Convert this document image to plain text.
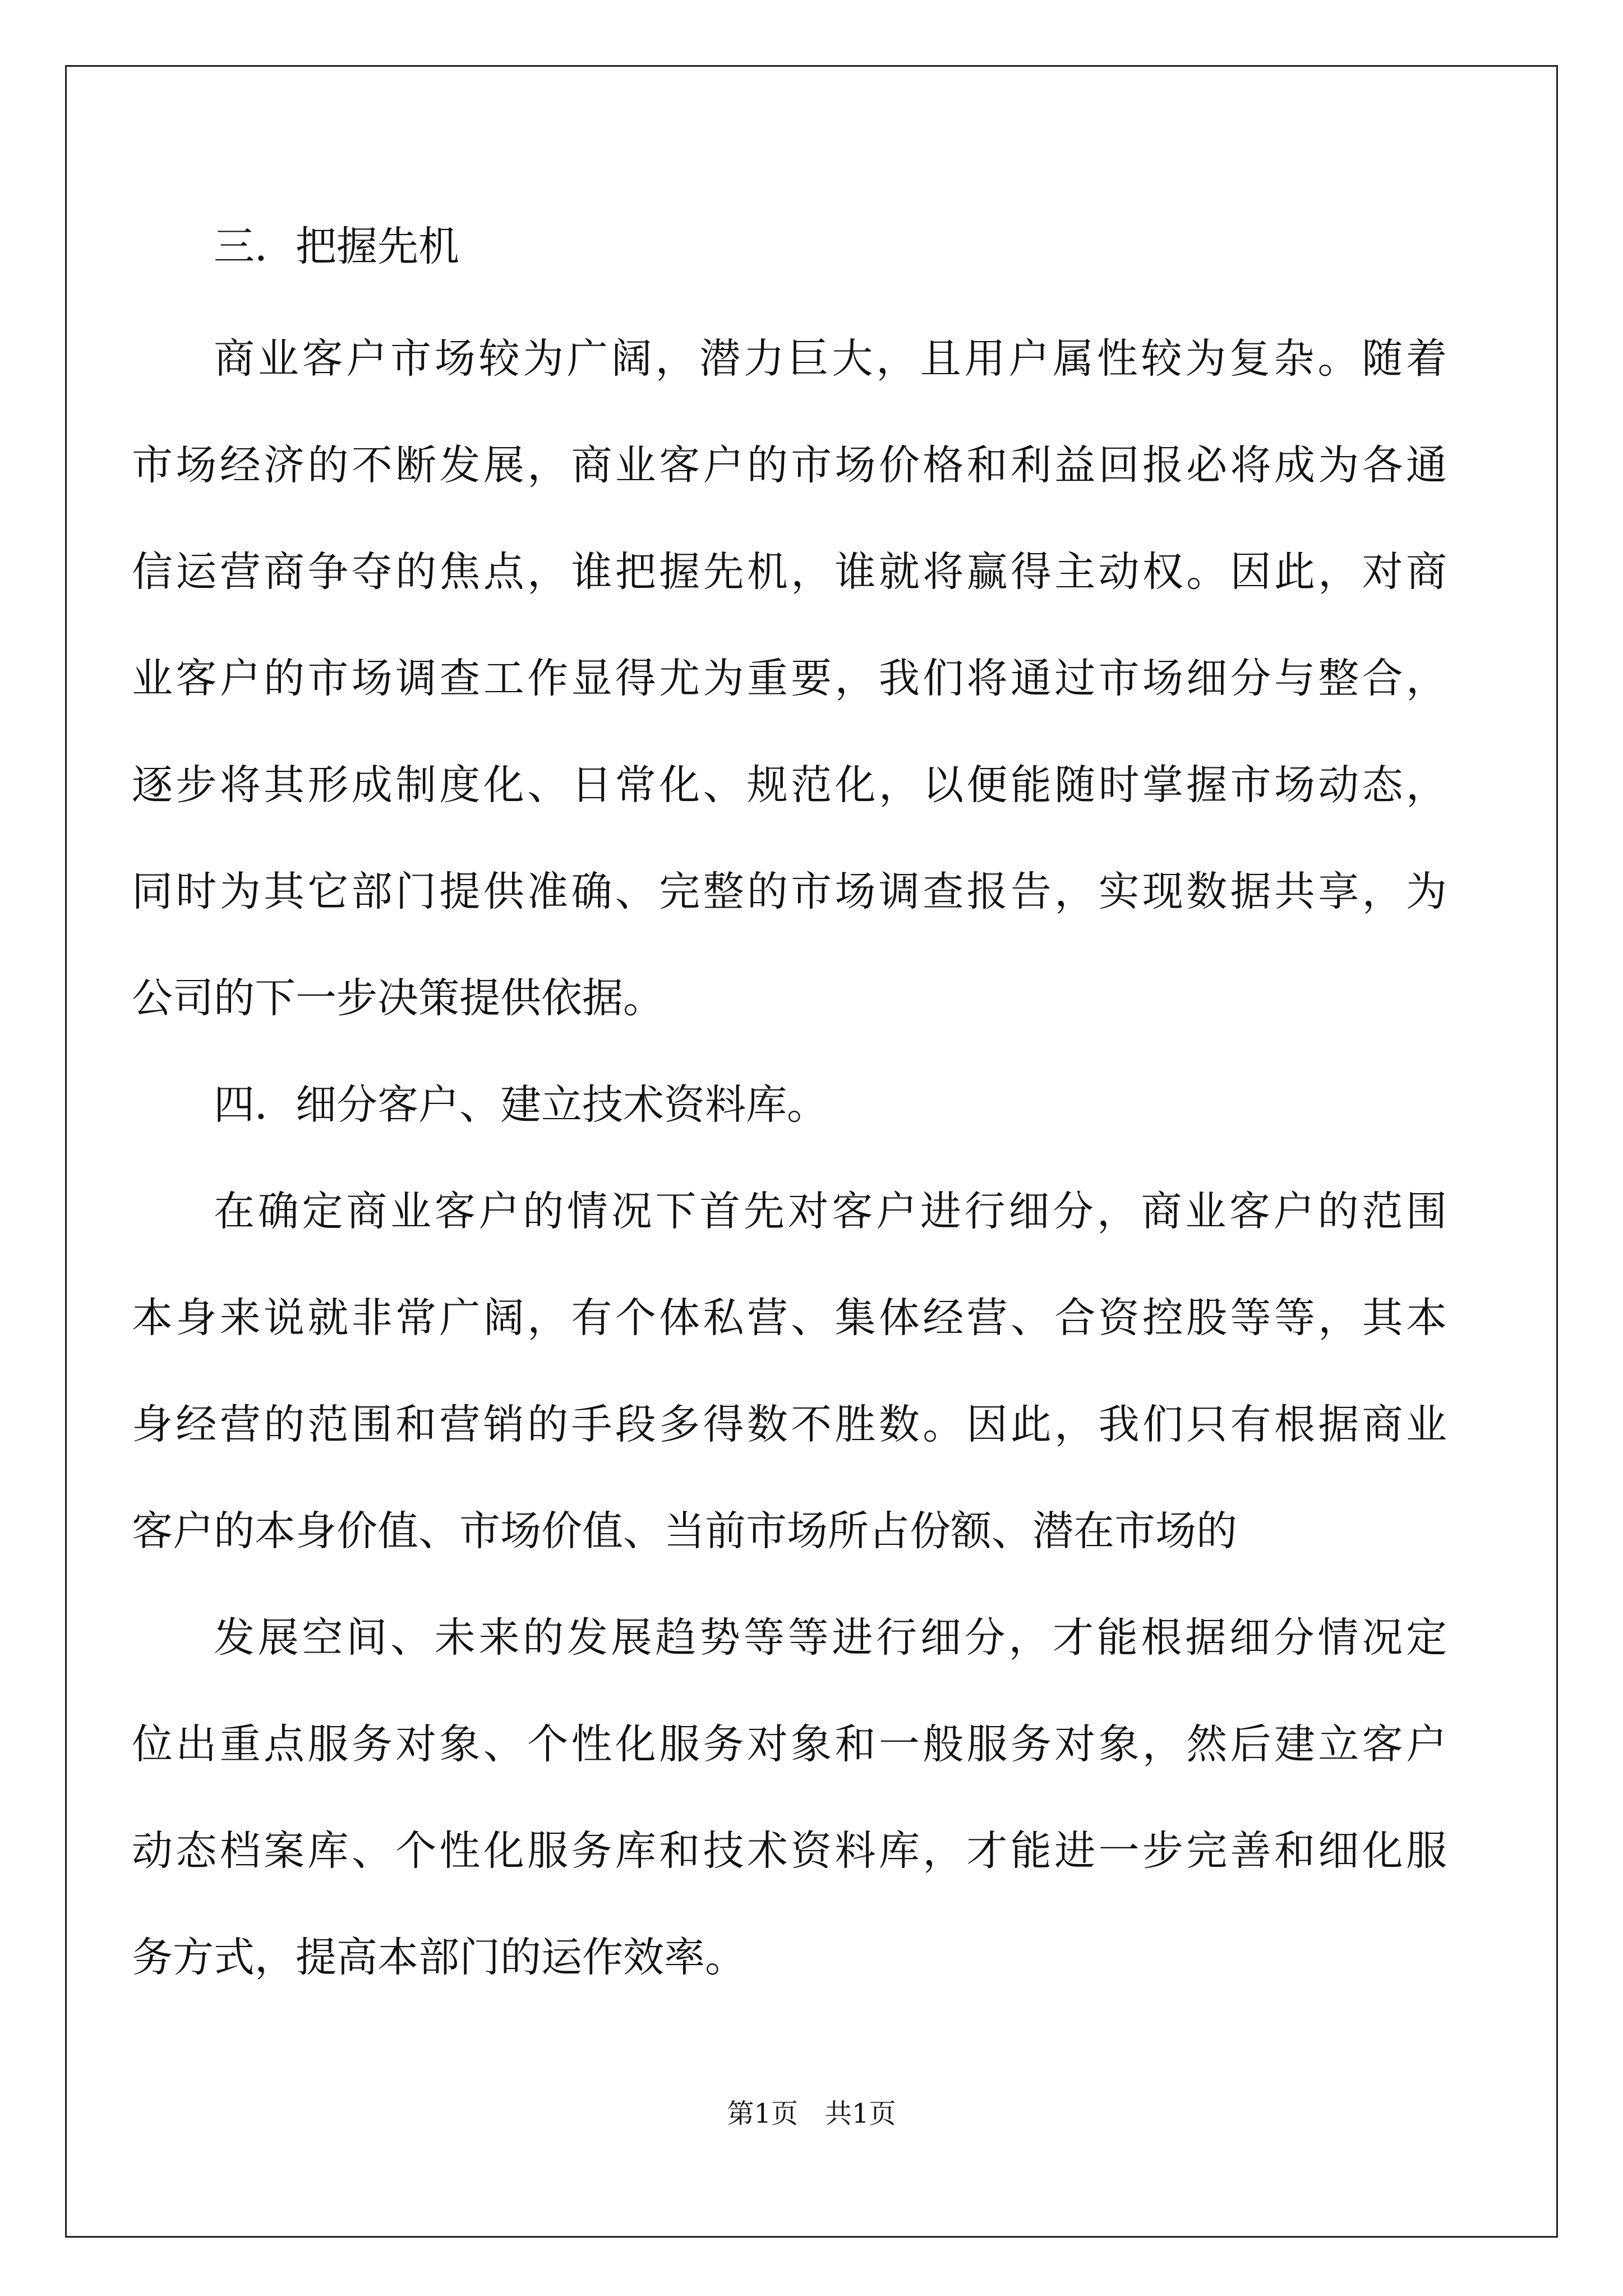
三．把握先机
商业客户市场较为广阔，潜力巨大，且用户属性较为复杂。随着
市场经济的不断发展，商业客户的市场价格和利益回报必将成为各通
信运营商争夺的焦点，谁把握先机，谁就将赢得主动权。因此，对商
业客户的市场调查工作显得尤为重要，我们将通过市场细分与整合，
逐步将其形成制度化、日常化、规范化，以便能随时掌握市场动态，
同时为其它部门提供准确、完整的市场调查报告，实现数据共享，为
公司的下一步决策提供依据。
四．细分客户、建立技术资料库。
在确定商业客户的情况下首先对客户进行细分，商业客户的范围
本身来说就非常广阔，有个体私营、集体经营、合资控股等等，其本
身经营的范围和营销的手段多得数不胜数。因此，我们只有根据商业
客户的本身价值、市场价值、当前市场所占份额、潜在市场的
发展空间、未来的发展趋势等等进行细分，才能根据细分情况定
位出重点服务对象、个性化服务对象和一般服务对象，然后建立客户
动态档案库、个性化服务库和技术资料库，才能进一步完善和细化服
务方式，提高本部门的运作效率。
第1页　共1页
